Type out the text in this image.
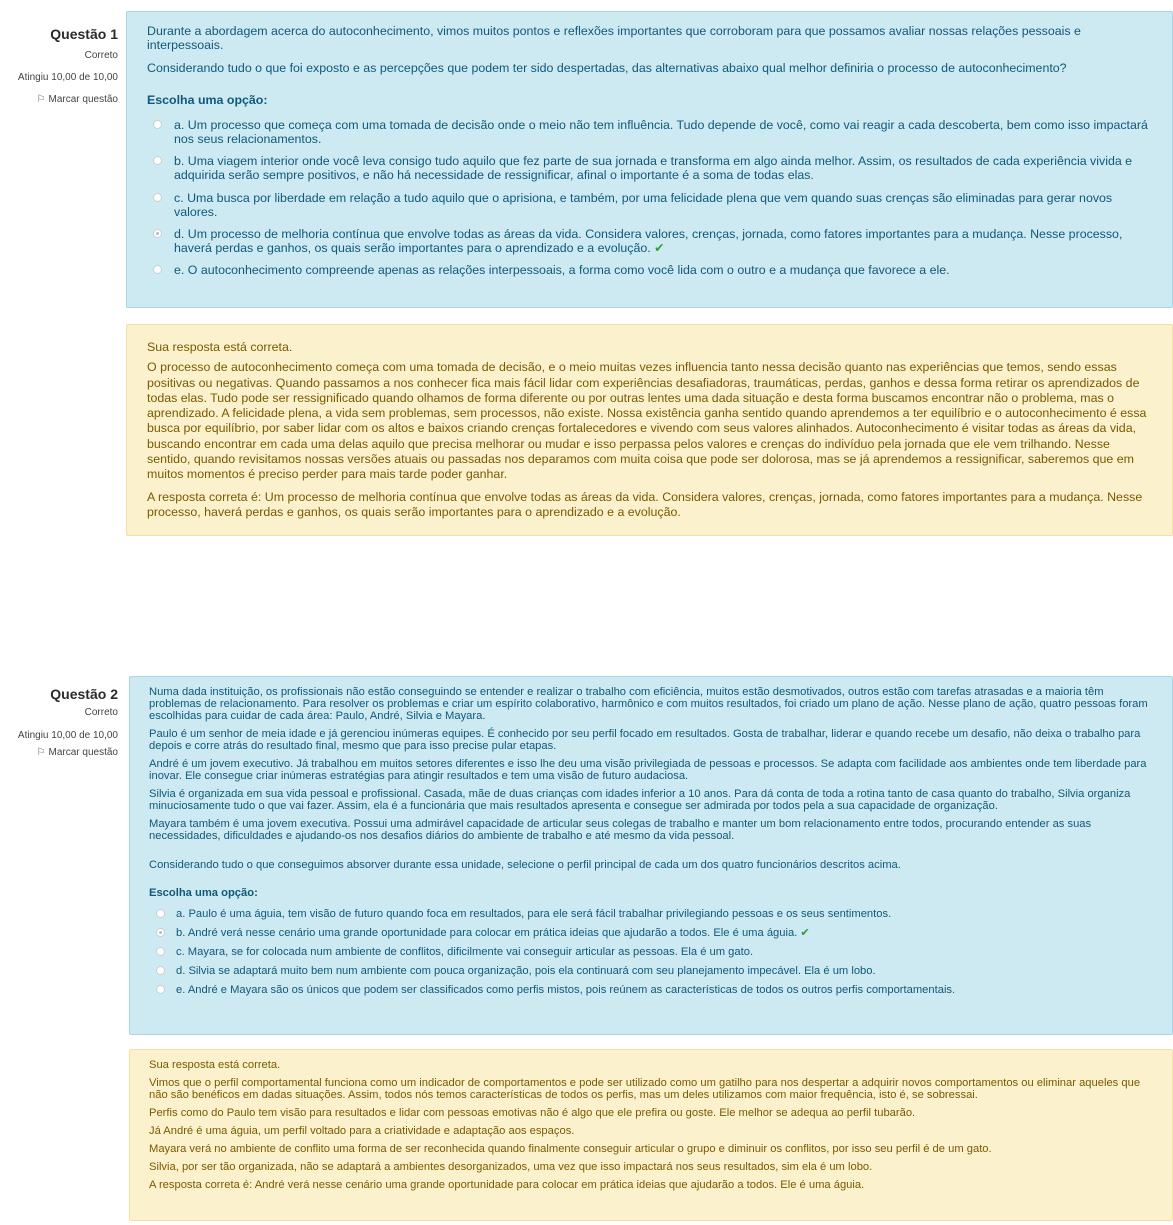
Questão 1
Correto
Atingiu 10,00 de 10,00
⚐ Marcar questão

Durante a abordagem acerca do autoconhecimento, vimos muitos pontos e reflexões importantes que corroboram para que possamos avaliar nossas relações pessoais e interpessoais.

Considerando tudo o que foi exposto e as percepções que podem ter sido despertadas, das alternativas abaixo qual melhor definiria o processo de autoconhecimento?

Escolha uma opção:

a. Um processo que começa com uma tomada de decisão onde o meio não tem influência. Tudo depende de você, como vai reagir a cada descoberta, bem como isso impactará nos seus relacionamentos.
b. Uma viagem interior onde você leva consigo tudo aquilo que fez parte de sua jornada e transforma em algo ainda melhor. Assim, os resultados de cada experiência vivida e adquirida serão sempre positivos, e não há necessidade de ressignificar, afinal o importante é a soma de todas elas.
c. Uma busca por liberdade em relação a tudo aquilo que o aprisiona, e também, por uma felicidade plena que vem quando suas crenças são eliminadas para gerar novos valores.
d. Um processo de melhoria contínua que envolve todas as áreas da vida. Considera valores, crenças, jornada, como fatores importantes para a mudança. Nesse processo, haverá perdas e ganhos, os quais serão importantes para o aprendizado e a evolução. ✔
e. O autoconhecimento compreende apenas as relações interpessoais, a forma como você lida com o outro e a mudança que favorece a ele.

Sua resposta está correta.

O processo de autoconhecimento começa com uma tomada de decisão, e o meio muitas vezes influencia tanto nessa decisão quanto nas experiências que temos, sendo essas positivas ou negativas. Quando passamos a nos conhecer fica mais fácil lidar com experiências desafiadoras, traumáticas, perdas, ganhos e dessa forma retirar os aprendizados de todas elas. Tudo pode ser ressignificado quando olhamos de forma diferente ou por outras lentes uma dada situação e desta forma buscamos encontrar não o problema, mas o aprendizado. A felicidade plena, a vida sem problemas, sem processos, não existe. Nossa existência ganha sentido quando aprendemos a ter equilíbrio e o autoconhecimento é essa busca por equilíbrio, por saber lidar com os altos e baixos criando crenças fortalecedores e vivendo com seus valores alinhados. Autoconhecimento é visitar todas as áreas da vida, buscando encontrar em cada uma delas aquilo que precisa melhorar ou mudar e isso perpassa pelos valores e crenças do indivíduo pela jornada que ele vem trilhando. Nesse sentido, quando revisitamos nossas versões atuais ou passadas nos deparamos com muita coisa que pode ser dolorosa, mas se já aprendemos a ressignificar, saberemos que em muitos momentos é preciso perder para mais tarde poder ganhar.

A resposta correta é: Um processo de melhoria contínua que envolve todas as áreas da vida. Considera valores, crenças, jornada, como fatores importantes para a mudança. Nesse processo, haverá perdas e ganhos, os quais serão importantes para o aprendizado e a evolução.

Questão 2
Correto
Atingiu 10,00 de 10,00
⚐ Marcar questão

Numa dada instituição, os profissionais não estão conseguindo se entender e realizar o trabalho com eficiência, muitos estão desmotivados, outros estão com tarefas atrasadas e a maioria têm problemas de relacionamento. Para resolver os problemas e criar um espírito colaborativo, harmônico e com muitos resultados, foi criado um plano de ação. Nesse plano de ação, quatro pessoas foram escolhidas para cuidar de cada área: Paulo, André, Silvia e Mayara.

Paulo é um senhor de meia idade e já gerenciou inúmeras equipes. É conhecido por seu perfil focado em resultados. Gosta de trabalhar, liderar e quando recebe um desafio, não deixa o trabalho para depois e corre atrás do resultado final, mesmo que para isso precise pular etapas.

André é um jovem executivo. Já trabalhou em muitos setores diferentes e isso lhe deu uma visão privilegiada de pessoas e processos. Se adapta com facilidade aos ambientes onde tem liberdade para inovar. Ele consegue criar inúmeras estratégias para atingir resultados e tem uma visão de futuro audaciosa.

Silvia é organizada em sua vida pessoal e profissional. Casada, mãe de duas crianças com idades inferior a 10 anos. Para dá conta de toda a rotina tanto de casa quanto do trabalho, Silvia organiza minuciosamente tudo o que vai fazer. Assim, ela é a funcionária que mais resultados apresenta e consegue ser admirada por todos pela a sua capacidade de organização.

Mayara também é uma jovem executiva. Possui uma admirável capacidade de articular seus colegas de trabalho e manter um bom relacionamento entre todos, procurando entender as suas necessidades, dificuldades e ajudando-os nos desafios diários do ambiente de trabalho e até mesmo da vida pessoal.

Considerando tudo o que conseguimos absorver durante essa unidade, selecione o perfil principal de cada um dos quatro funcionários descritos acima.

Escolha uma opção:

a. Paulo é uma águia, tem visão de futuro quando foca em resultados, para ele será fácil trabalhar privilegiando pessoas e os seus sentimentos.
b. André verá nesse cenário uma grande oportunidade para colocar em prática ideias que ajudarão a todos. Ele é uma águia. ✔
c. Mayara, se for colocada num ambiente de conflitos, dificilmente vai conseguir articular as pessoas. Ela é um gato.
d. Silvia se adaptará muito bem num ambiente com pouca organização, pois ela continuará com seu planejamento impecável. Ela é um lobo.
e. André e Mayara são os únicos que podem ser classificados como perfis mistos, pois reúnem as características de todos os outros perfis comportamentais.

Sua resposta está correta.

Vimos que o perfil comportamental funciona como um indicador de comportamentos e pode ser utilizado como um gatilho para nos despertar a adquirir novos comportamentos ou eliminar aqueles que não são benéficos em dadas situações. Assim, todos nós temos características de todos os perfis, mas um deles utilizamos com maior frequência, isto é, se sobressai.

Perfis como do Paulo tem visão para resultados e lidar com pessoas emotivas não é algo que ele prefira ou goste. Ele melhor se adequa ao perfil tubarão.

Já André é uma águia, um perfil voltado para a criatividade e adaptação aos espaços.

Mayara verá no ambiente de conflito uma forma de ser reconhecida quando finalmente conseguir articular o grupo e diminuir os conflitos, por isso seu perfil é de um gato.

Silvia, por ser tão organizada, não se adaptará a ambientes desorganizados, uma vez que isso impactará nos seus resultados, sim ela é um lobo.

A resposta correta é: André verá nesse cenário uma grande oportunidade para colocar em prática ideias que ajudarão a todos. Ele é uma águia.
